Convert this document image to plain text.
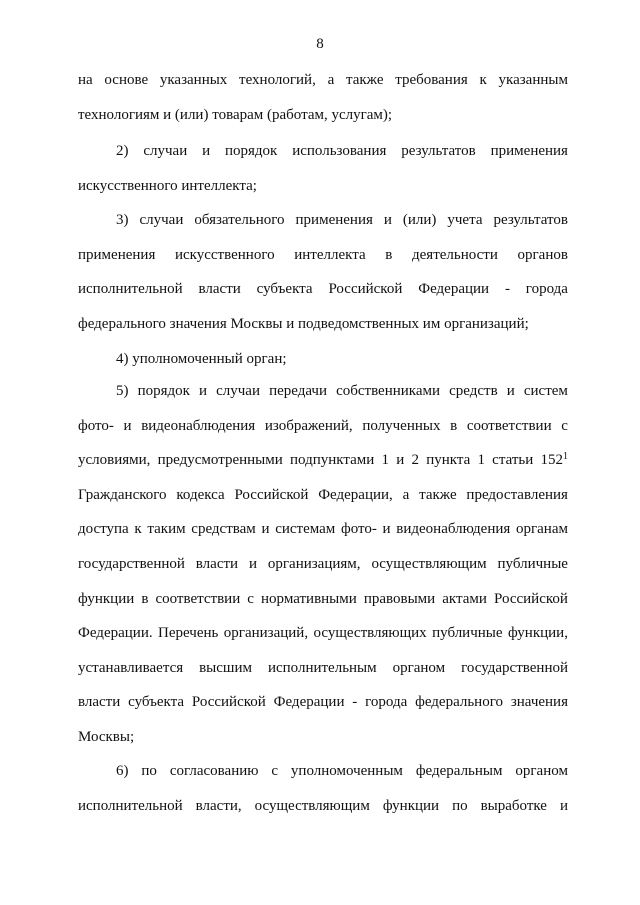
8
на основе указанных технологий, а также требования к указанным
технологиям и (или) товарам (работам, услугам);
2) случаи и порядок использования результатов применения
искусственного интеллекта;
3) случаи обязательного применения и (или) учета результатов
применения искусственного интеллекта в деятельности органов
исполнительной власти субъекта Российской Федерации - города
федерального значения Москвы и подведомственных им организаций;
4) уполномоченный орган;
5) порядок и случаи передачи собственниками средств и систем
фото- и видеонаблюдения изображений, полученных в соответствии с
условиями, предусмотренными подпунктами 1 и 2 пункта 1 статьи $152^1$
Гражданского кодекса Российской Федерации, а также предоставления
доступа к таким средствам и системам фото- и видеонаблюдения органам
государственной власти и организациям, осуществляющим публичные
функции в соответствии с нормативными правовыми актами Российской
Федерации. Перечень организаций, осуществляющих публичные функции,
устанавливается высшим исполнительным органом государственной
власти субъекта Российской Федерации - города федерального значения
Москвы;
6) по согласованию с уполномоченным федеральным органом
исполнительной власти, осуществляющим функции по выработке и
